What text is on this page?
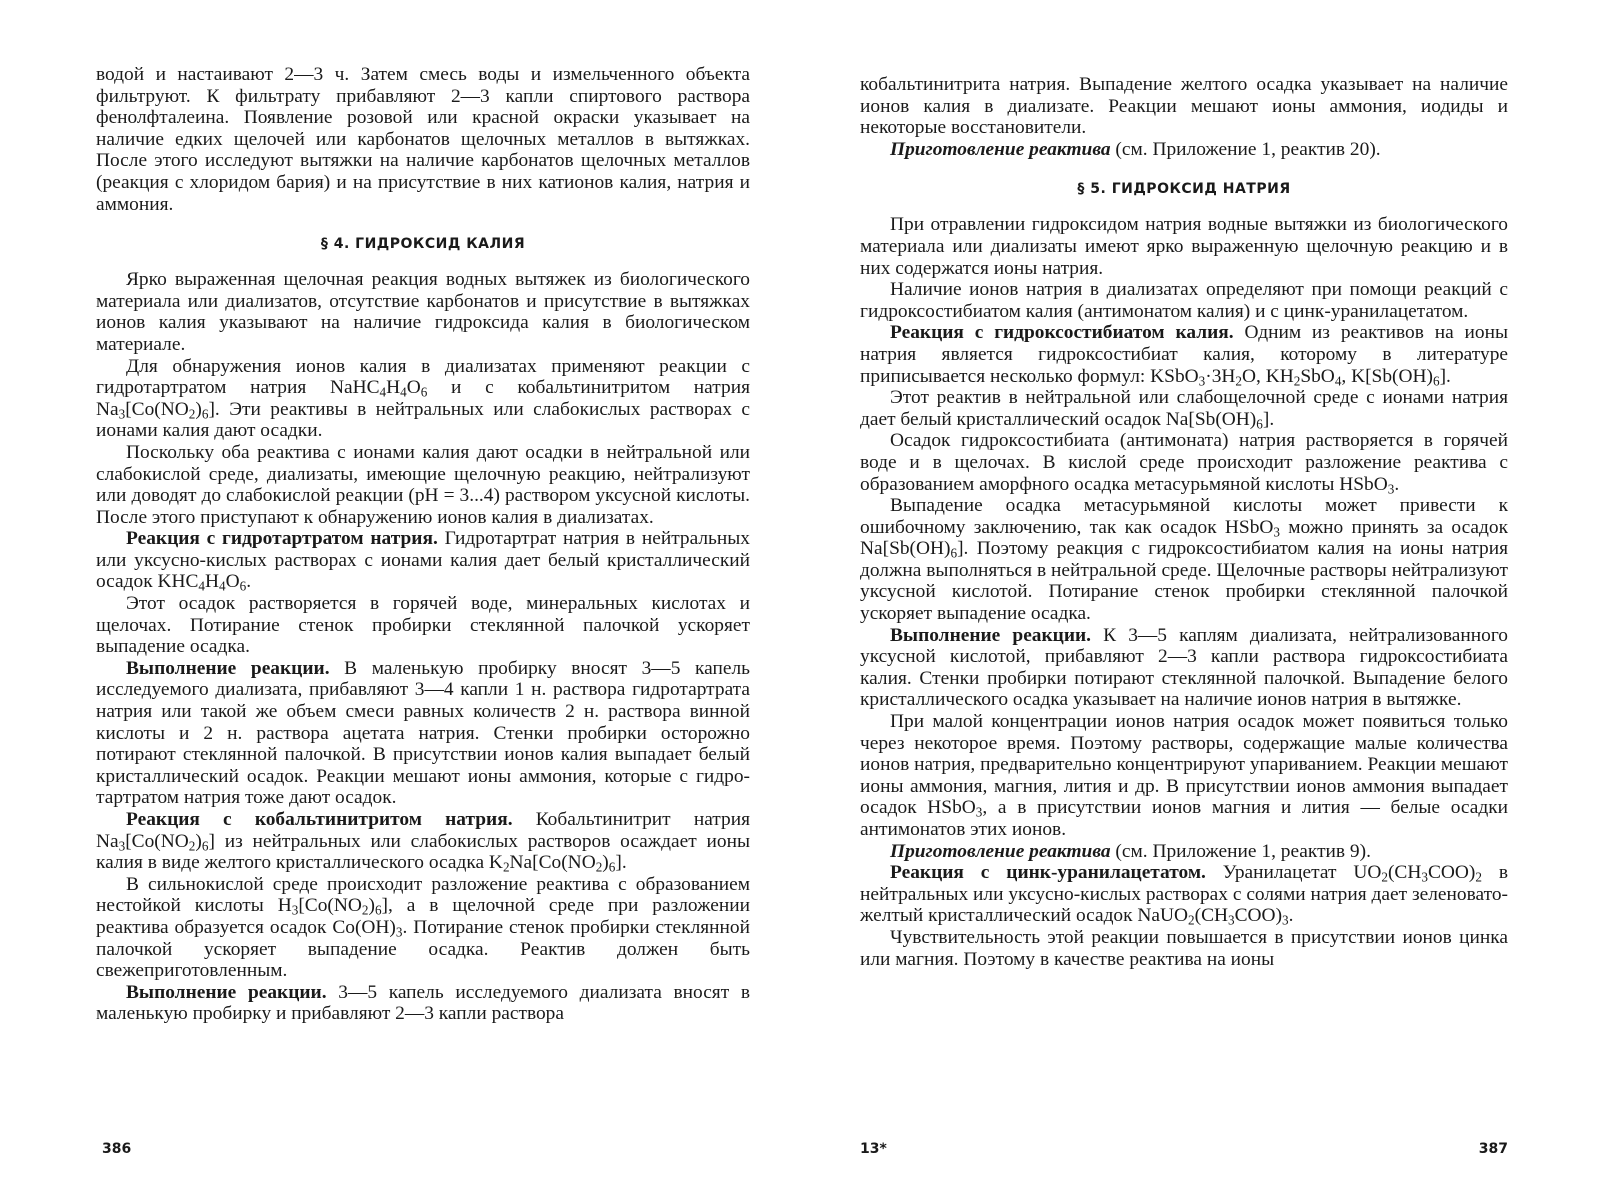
водой и настаивают 2—3 ч. Затем смесь воды и измельченного объекта фильтруют. К фильтрату прибавляют 2—3 капли спиртового раствора фенолфталеина. Появление розовой или красной окраски указывает на наличие едких щелочей или карбонатов щелочных металлов в вытяжках. После этого исследуют вытяжки на наличие карбонатов щелочных металлов (реакция с хлоридом бария) и на присутствие в них катионов калия, натрия и аммония.

§ 4. ГИДРОКСИД КАЛИЯ

Ярко выраженная щелочная реакция водных вытяжек из биологического материала или диализатов, отсутствие карбонатов и присутствие в вытяжках ионов калия указывают на наличие гидроксида калия в биологическом материале.

Для обнаружения ионов калия в диализатах применяют реакции с гидротартратом натрия $NaHC_4H_4O_6$ и с кобальтинитритом натрия $Na_3[Co(NO_2)_6]$. Эти реактивы в нейтральных или слабокислых растворах с ионами калия дают осадки.

Поскольку оба реактива с ионами калия дают осадки в нейтральной или слабокислой среде, диализаты, имеющие щелочную реакцию, нейтрализуют или доводят до слабокислой реакции (pH = 3...4) раствором уксусной кислоты. После этого приступают к обнаружению ионов калия в диализатах.

Реакция с гидротартратом натрия. Гидротартрат натрия в нейтральных или уксусно-кислых растворах с ионами калия дает белый кристаллический осадок $KHC_4H_4O_6$.

Этот осадок растворяется в горячей воде, минеральных кислотах и щелочах. Потирание стенок пробирки стеклянной палочкой ускоряет выпадение осадка.

Выполнение реакции. В маленькую пробирку вносят 3—5 капель исследуемого диализата, прибавляют 3—4 капли 1 н. раствора гидротартрата натрия или такой же объем смеси равных количеств 2 н. раствора винной кислоты и 2 н. раствора ацетата натрия. Стенки пробирки осторожно потирают стеклянной палочкой. В присутствии ионов калия выпадает белый кристаллический осадок. Реакции мешают ионы аммония, которые с гидротартратом натрия тоже дают осадок.

Реакция с кобальтинитритом натрия. Кобальтинитрит натрия $Na_3[Co(NO_2)_6]$ из нейтральных или слабокислых растворов осаждает ионы калия в виде желтого кристаллического осадка $K_2Na[Co(NO_2)_6]$.

В сильнокислой среде происходит разложение реактива с образованием нестойкой кислоты $H_3[Co(NO_2)_6]$, а в щелочной среде при разложении реактива образуется осадок $Co(OH)_3$. Потирание стенок пробирки стеклянной палочкой ускоряет выпадение осадка. Реактив должен быть свежеприготовленным.

Выполнение реакции. 3—5 капель исследуемого диализата вносят в маленькую пробирку и прибавляют 2—3 капли раствора

386

кобальтинитрита натрия. Выпадение желтого осадка указывает на наличие ионов калия в диализате. Реакции мешают ионы аммония, иодиды и некоторые восстановители.

Приготовление реактива (см. Приложение 1, реактив 20).

§ 5. ГИДРОКСИД НАТРИЯ

При отравлении гидроксидом натрия водные вытяжки из биологического материала или диализаты имеют ярко выраженную щелочную реакцию и в них содержатся ионы натрия.

Наличие ионов натрия в диализатах определяют при помощи реакций с гидроксостибиатом калия (антимонатом калия) и с цинк-уранилацетатом.

Реакция с гидроксостибиатом калия. Одним из реактивов на ионы натрия является гидроксостибиат калия, которому в литературе приписывается несколько формул: $KSbO_3\cdot 3H_2O$, $KH_2SbO_4$, $K[Sb(OH)_6]$.

Этот реактив в нейтральной или слабощелочной среде с ионами натрия дает белый кристаллический осадок $Na[Sb(OH)_6]$.

Осадок гидроксостибиата (антимоната) натрия растворяется в горячей воде и в щелочах. В кислой среде происходит разложение реактива с образованием аморфного осадка метасурьмяной кислоты HSbO$_3$.

Выпадение осадка метасурьмяной кислоты может привести к ошибочному заключению, так как осадок HSbO$_3$ можно принять за осадок $Na[Sb(OH)_6]$. Поэтому реакция с гидроксостибиатом калия на ионы натрия должна выполняться в нейтральной среде. Щелочные растворы нейтрализуют уксусной кислотой. Потирание стенок пробирки стеклянной палочкой ускоряет выпадение осадка.

Выполнение реакции. К 3—5 каплям диализата, нейтрализованного уксусной кислотой, прибавляют 2—3 капли раствора гидроксостибиата калия. Стенки пробирки потирают стеклянной палочкой. Выпадение белого кристаллического осадка указывает на наличие ионов натрия в вытяжке.

При малой концентрации ионов натрия осадок может появиться только через некоторое время. Поэтому растворы, содержащие малые количества ионов натрия, предварительно концентрируют упариванием. Реакции мешают ионы аммония, магния, лития и др. В присутствии ионов аммония выпадает осадок HSbO$_3$, а в присутствии ионов магния и лития — белые осадки антимонатов этих ионов.

Приготовление реактива (см. Приложение 1, реактив 9).

Реакция с цинк-уранилацетатом. Уранилацетат $UO_2(CH_3COO)_2$ в нейтральных или уксусно-кислых растворах с солями натрия дает зеленовато-желтый кристаллический осадок $NaUO_2(CH_3COO)_3$.

Чувствительность этой реакции повышается в присутствии ионов цинка или магния. Поэтому в качестве реактива на ионы

13*	387
